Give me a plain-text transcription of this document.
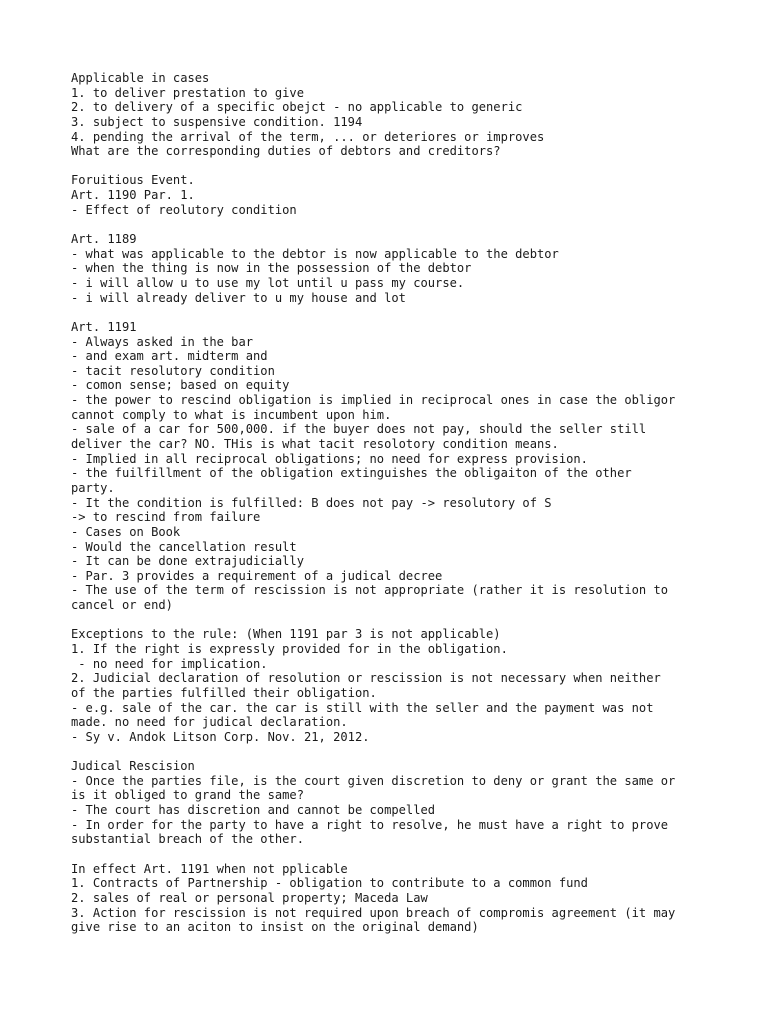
Applicable in cases
1. to deliver prestation to give
2. to delivery of a specific obejct - no applicable to generic
3. subject to suspensive condition. 1194
4. pending the arrival of the term, ... or deteriores or improves
What are the corresponding duties of debtors and creditors?
Foruitious Event.
Art. 1190 Par. 1.
- Effect of reolutory condition
Art. 1189
- what was applicable to the debtor is now applicable to the debtor
- when the thing is now in the possession of the debtor
- i will allow u to use my lot until u pass my course.
- i will already deliver to u my house and lot
Art. 1191
- Always asked in the bar
- and exam art. midterm and
- tacit resolutory condition
- comon sense; based on equity
- the power to rescind obligation is implied in reciprocal ones in case the obligor
cannot comply to what is incumbent upon him.
- sale of a car for 500,000. if the buyer does not pay, should the seller still
deliver the car? NO. THis is what tacit resolotory condition means.
- Implied in all reciprocal obligations; no need for express provision.
- the fuilfillment of the obligation extinguishes the obligaiton of the other
party.
- It the condition is fulfilled: B does not pay -> resolutory of S
-> to rescind from failure
- Cases on Book
- Would the cancellation result
- It can be done extrajudicially
- Par. 3 provides a requirement of a judical decree
- The use of the term of rescission is not appropriate (rather it is resolution to
cancel or end)
Exceptions to the rule: (When 1191 par 3 is not applicable)
1. If the right is expressly provided for in the obligation.
- no need for implication.
2. Judicial declaration of resolution or rescission is not necessary when neither
of the parties fulfilled their obligation.
- e.g. sale of the car. the car is still with the seller and the payment was not
made. no need for judical declaration.
- Sy v. Andok Litson Corp. Nov. 21, 2012.
Judical Rescision
- Once the parties file, is the court given discretion to deny or grant the same or
is it obliged to grand the same?
- The court has discretion and cannot be compelled
- In order for the party to have a right to resolve, he must have a right to prove
substantial breach of the other.
In effect Art. 1191 when not pplicable
1. Contracts of Partnership - obligation to contribute to a common fund
2. sales of real or personal property; Maceda Law
3. Action for rescission is not required upon breach of compromis agreement (it may
give rise to an aciton to insist on the original demand)
